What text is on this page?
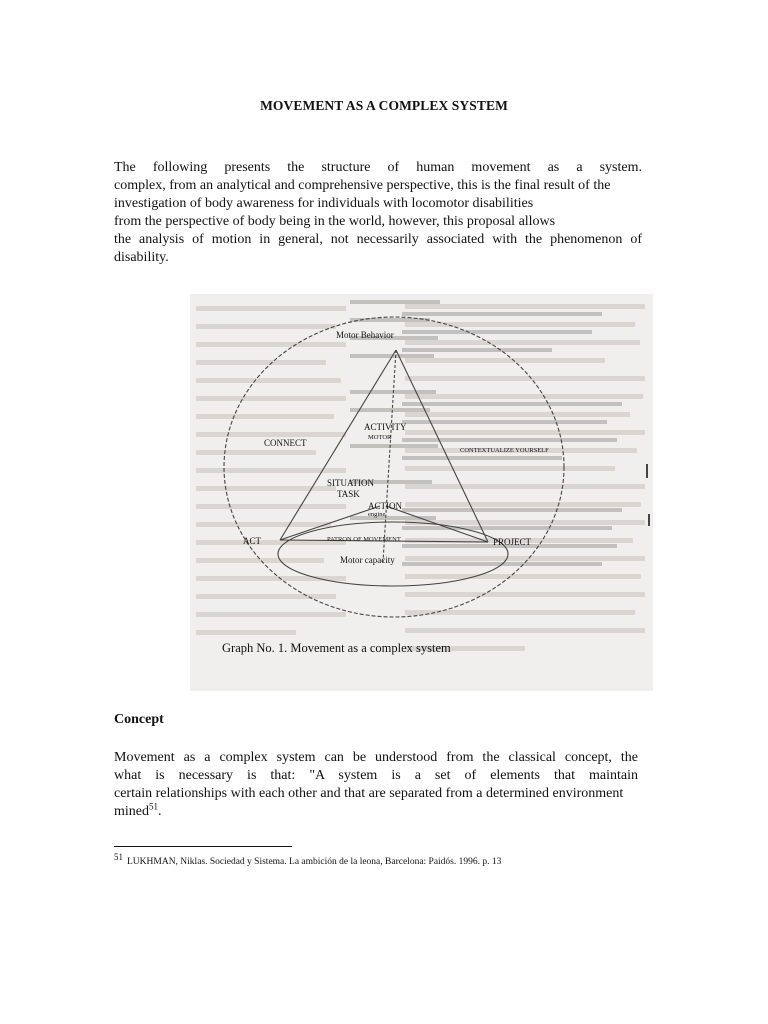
MOVEMENT AS A COMPLEX SYSTEM
The following presents the structure of human movement as a system.
complex, from an analytical and comprehensive perspective, this is the final result of the
investigation of body awareness for individuals with locomotor disabilities
from the perspective of body being in the world, however, this proposal allows
the analysis of motion in general, not necessarily associated with the phenomenon of
disability.
Motor Behavior
ACTIVITY
MOTOR
CONNECT
CONTEXTUALIZE YOURSELF
SITUATION
TASK
ACTION
engine
ACT	PATRON OF MOVEMENT	PROJECT
Motor capacity
Graph No. 1. Movement as a complex system
Concept
Movement as a complex system can be understood from the classical concept, the
what is necessary is that: "A system is a set of elements that maintain
certain relationships with each other and that are separated from a determined environment
mined$^{51}$.
51LUKHMAN, Niklas. Sociedad y Sistema. La ambición de la leona, Barcelona: Paidós. 1996. p. 13
